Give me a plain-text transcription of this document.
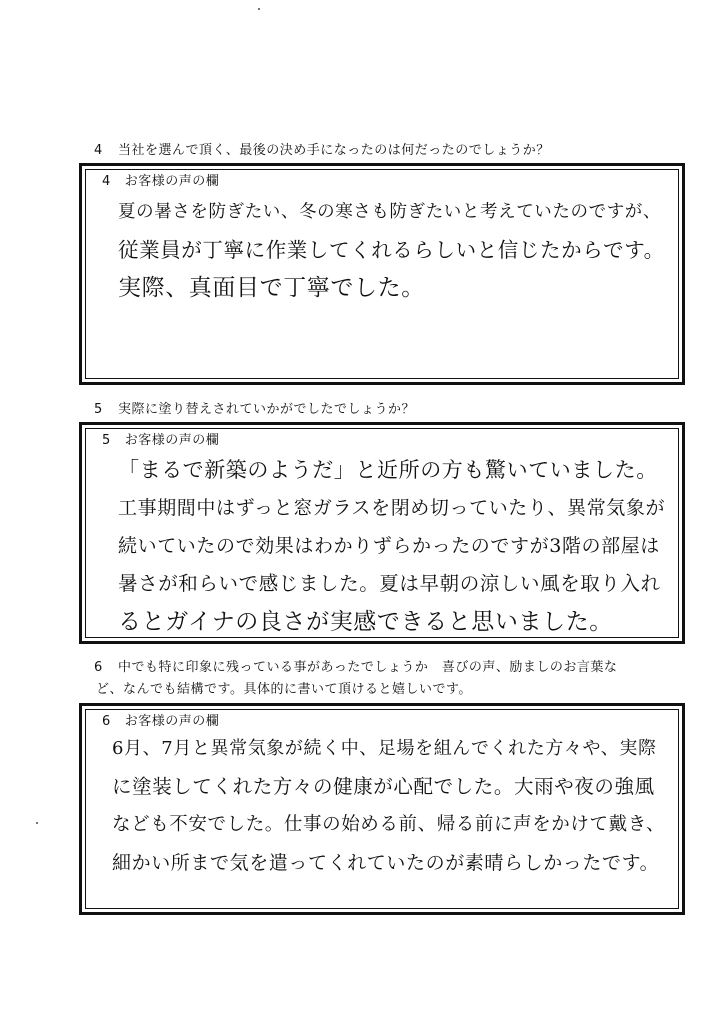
4 当社を選んで頂く、最後の決め手になったのは何だったのでしょうか？
4 お客様の声の欄
夏の暑さを防ぎたい、冬の寒さも防ぎたいと考えていたのですが、
従業員が丁寧に作業してくれるらしいと信じたからです。
実際、真面目で丁寧でした。
5 実際に塗り替えされていかがでしたでしょうか？
5 お客様の声の欄
「まるで新築のようだ」と近所の方も驚いていました。
工事期間中はずっと窓ガラスを閉め切っていたり、異常気象が
続いていたので効果はわかりずらかったのですが3階の部屋は
暑さが和らいで感じました。夏は早朝の涼しい風を取り入れ
るとガイナの良さが実感できると思いました。
6 中でも特に印象に残っている事があったでしょうか　喜びの声、励ましのお言葉な
ど、なんでも結構です。具体的に書いて頂けると嬉しいです。
6 お客様の声の欄
6月、7月と異常気象が続く中、足場を組んでくれた方々や、実際
に塗装してくれた方々の健康が心配でした。大雨や夜の強風
なども不安でした。仕事の始める前、帰る前に声をかけて戴き、
細かい所まで気を遣ってくれていたのが素晴らしかったです。
